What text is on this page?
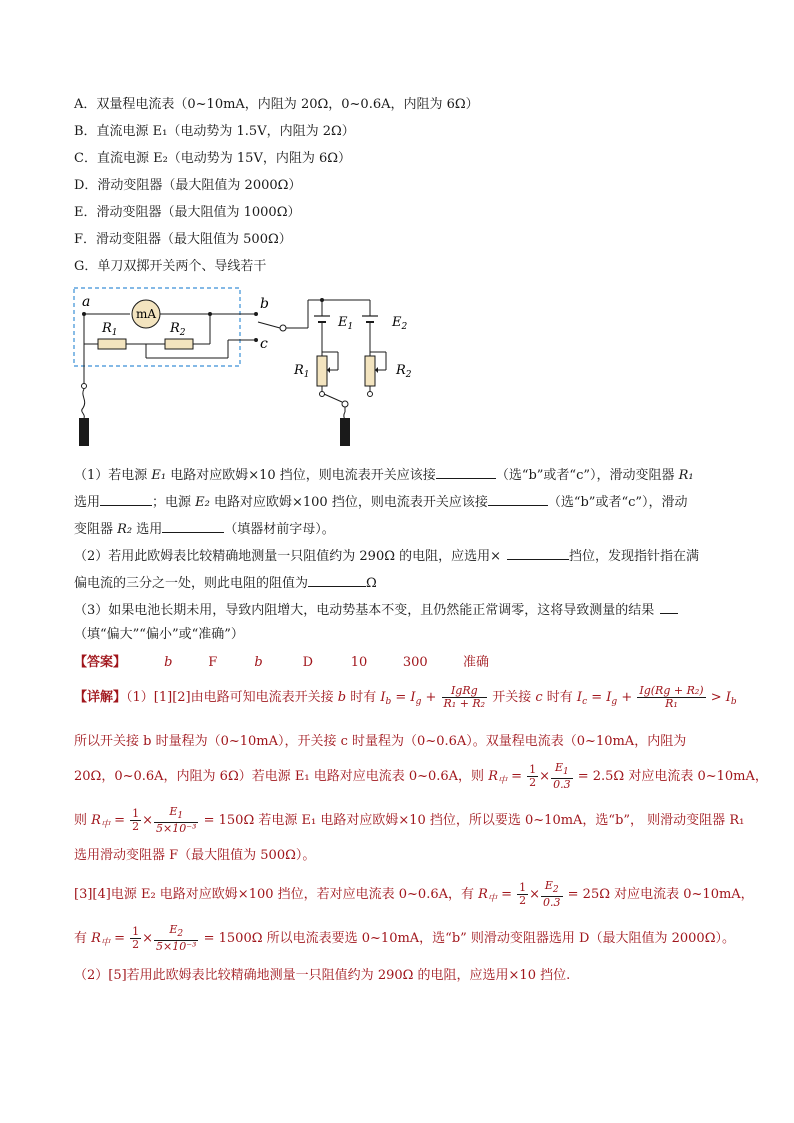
A．双量程电流表（0~10mA，内阻为 20Ω，0~0.6A，内阻为 6Ω）
B．直流电源 E₁（电动势为 1.5V，内阻为 2Ω）
C．直流电源 E₂（电动势为 15V，内阻为 6Ω）
D．滑动变阻器（最大阻值为 2000Ω）
E．滑动变阻器（最大阻值为 1000Ω）
F．滑动变阻器（最大阻值为 500Ω）
G．单刀双掷开关两个、导线若干
mA
b
a
$R_1$	$R_2$
c
$E_1$	$E_2$
$R_1$	$R_2$
（1）若电源 E₁ 电路对应欧姆×10 挡位，则电流表开关应该接	（选“b”或者“c”），滑动变阻器 R₁
选用	；电源 E₂ 电路对应欧姆×100 挡位，则电流表开关应该接	（选“b”或者“c”），滑动
变阻器 R₂ 选用	（填器材前字母）。
（2）若用此欧姆表比较精确地测量一只阻值约为 290Ω 的电阻，应选用×	挡位，发现指针指在满
偏电流的三分之一处，则此电阻的阻值为	Ω
（3）如果电池长期未用，导致内阻增大，电动势基本不变，且仍然能正常调零，这将导致测量的结果
（填“偏大”“偏小”或“准确”）
【答案】	b	F	b	D	10	300	准确
【详解】（1）[1][2]由电路可知电流表开关接 b 时有 $I_b = I_g + \frac{\text{IgRg}}{\text{R₁ + R₂}}$ 开关接 c 时有 $I_c = I_g + \frac{\text{Ig(Rg + R₂)}}{\text{R₁}} > I_b$
所以开关接 b 时量程为（0~10mA），开关接 c 时量程为（0~0.6A）。双量程电流表（0~10mA，内阻为
20Ω，0~0.6A，内阻为 6Ω）若电源 E₁ 电路对应电流表 0~0.6A，则 $R_中 = \frac{1}{2} \times \frac{E_1}{0.3} = 2.5\Omega$ 对应电流表 0~10mA，
则 $R_中 = \frac{1}{2} \times \frac{E_1}{\text{5×10⁻³}} = 150\Omega$ 若电源 E₁ 电路对应欧姆×10 挡位，所以要选 0~10mA，选“b”， 则滑动变阻器 R₁
选用滑动变阻器 F（最大阻值为 500Ω）。
[3][4]电源 E₂ 电路对应欧姆×100 挡位，若对应电流表 0~0.6A，有 $R_中 = \frac{1}{2} \times \frac{E_2}{0.3} = 25\Omega$ 对应电流表 0~10mA，
有 $R_中 = \frac{1}{2} \times \frac{E_2}{\text{5×10⁻³}} = 1500\Omega$ 所以电流表要选 0~10mA，选“b” 则滑动变阻器选用 D（最大阻值为 2000Ω）。
（2）[5]若用此欧姆表比较精确地测量一只阻值约为 290Ω 的电阻，应选用×10 挡位.
